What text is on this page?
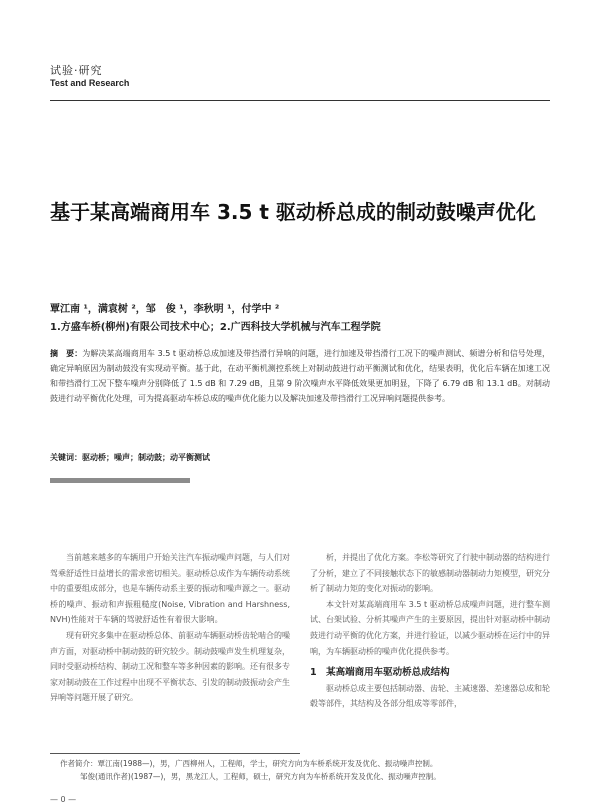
试验·研究
Test and Research
基于某高端商用车 3.5 t 驱动桥总成的制动鼓噪声优化
覃江南 ¹，满袁树 ²，邹　俊 ¹，李秋明 ¹，付学中 ²
1.方盛车桥(柳州)有限公司技术中心；2.广西科技大学机械与汽车工程学院
摘　要：为解决某高端商用车 3.5 t 驱动桥总成加速及带挡滑行异响的问题，进行加速及带挡滑行工况下的噪声测试、频谱分析和信号处理，确定异响原因为制动鼓没有实现动平衡。基于此，在动平衡机测控系统上对制动鼓进行动平衡测试和优化，结果表明，优化后车辆在加速工况和带挡滑行工况下整车噪声分别降低了 1.5 dB 和 7.29 dB，且第 9 阶次噪声水平降低效果更加明显，下降了 6.79 dB 和 13.1 dB。对制动鼓进行动平衡优化处理，可为提高驱动车桥总成的噪声优化能力以及解决加速及带挡滑行工况异响问题提供参考。
关键词：驱动桥；噪声；制动鼓；动平衡测试

当前越来越多的车辆用户开始关注汽车振动噪声问题，与人们对驾乘舒适性日益增长的需求密切相关。驱动桥总成作为车辆传动系统中的重要组成部分，也是车辆传动系主要的振动和噪声源之一。驱动桥的噪声、振动和声振粗糙度(Noise, Vibration and Harshness, NVH)性能对于车辆的驾驶舒适性有着很大影响。

现有研究多集中在驱动桥总体、前驱动车辆驱动桥齿轮啮合的噪声方面，对驱动桥中制动鼓的研究较少。制动鼓噪声发生机理复杂，同时受驱动桥结构、制动工况和整车等多种因素的影响。还有很多专家对制动鼓在工作过程中出现不平衡状态、引发的制动鼓振动会产生异响等问题开展了研究。

析，并提出了优化方案。李松等研究了行驶中制动器的结构进行了分析，建立了不同接触状态下的敏感制动器制动力矩模型，研究分析了制动力矩的变化对振动的影响。

本文针对某高端商用车 3.5 t 驱动桥总成噪声问题，进行整车测试、台架试验、分析其噪声产生的主要原因，提出针对驱动桥中制动鼓进行动平衡的优化方案，并进行验证，以减少驱动桥在运行中的异响，为车辆驱动桥的噪声优化提供参考。

1　某高端商用车驱动桥总成结构

驱动桥总成主要包括制动器、齿轮、主减速器、差速器总成和轮毂等部件，其结构及各部分组成等零部件，

作者简介：覃江南(1988—)，男，广西柳州人，工程师，学士，研究方向为车桥系统开发及优化、振动噪声控制。
邹俊(通讯作者)(1987—)，男，黑龙江人，工程师，硕士，研究方向为车桥系统开发及优化、振动噪声控制。
— 0 —
